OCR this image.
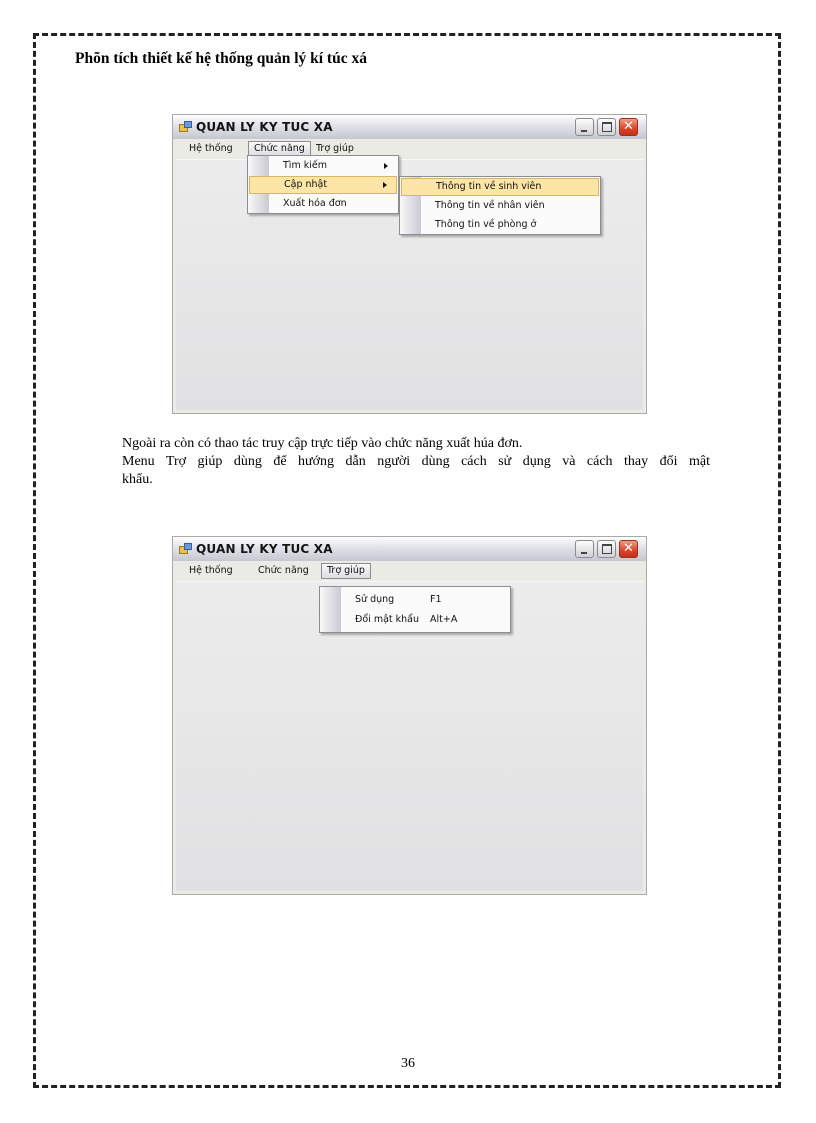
Phõn tích thiết kế hệ thống quản lý kí túc xá
QUAN LY KY TUC XA	✕
Hệ thống	Chức năng	Trợ giúp
Tìm kiếm
Cập nhật
Xuất hóa đơn
Thông tin về sinh viên
Thông tin về nhân viên
Thông tin về phòng ở
Ngoài ra còn có thao tác truy cập trực tiếp vào chức năng xuất húa đơn.
Menu Trợ giúp dùng để hướng dẫn người dùng cách sử dụng và cách thay đổi mật
khẩu.
QUAN LY KY TUC XA	✕
Hệ thống	Chức năng	Trợ giúp
Sử dụng	F1
Đổi mật khẩu Alt+A
36
